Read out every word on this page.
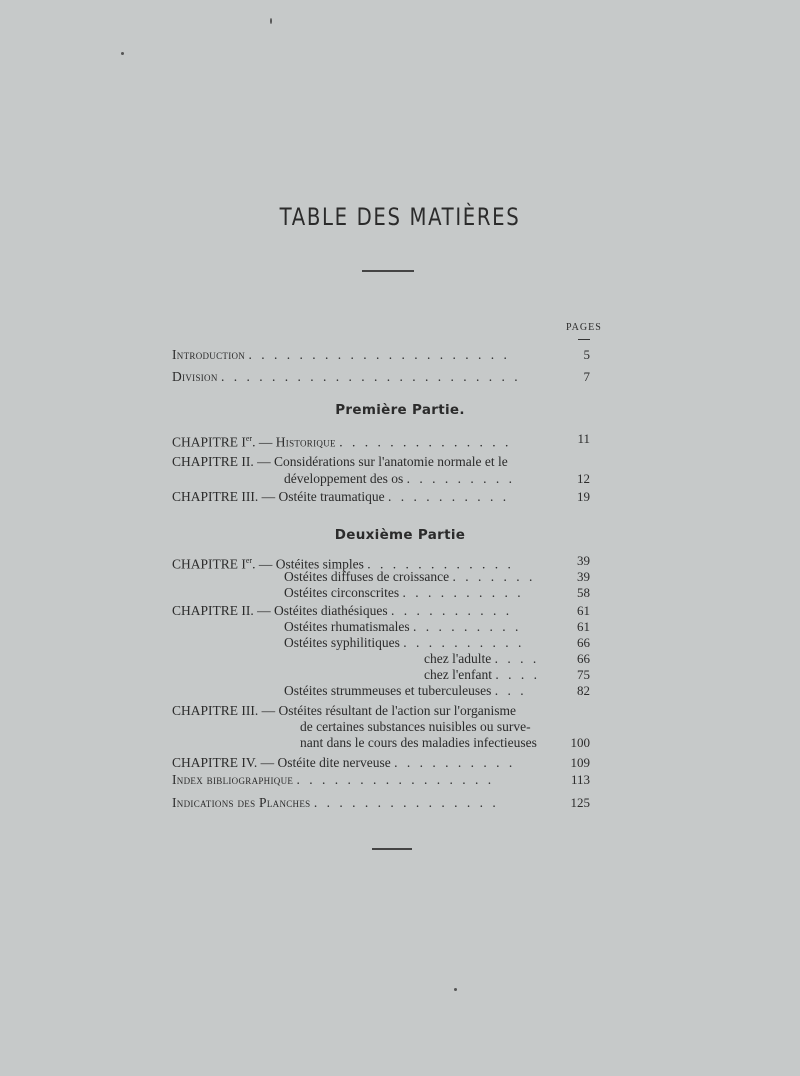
TABLE DES MATIÈRES
PAGES
Introduction . . . . . . . . . . . . . . . . . . . . .	5
Division . . . . . . . . . . . . . . . . . . . . . . . .	7
Première Partie.
CHAPITRE Ier. — Historique . . . . . . . . . . . . . .	11
CHAPITRE II. — Considérations sur l'anatomie normale et le
développement des os . . . . . . . . .	12
CHAPITRE III. — Ostéite traumatique . . . . . . . . . .	19
Deuxième Partie
CHAPITRE Ier. — Ostéites simples . . . . . . . . . . . .	39
Ostéites diffuses de croissance . . . . . . .	39
Ostéites circonscrites . . . . . . . . . .	58
CHAPITRE II. — Ostéites diathésiques . . . . . . . . . .	61
Ostéites rhumatismales . . . . . . . . .	61
Ostéites syphilitiques . . . . . . . . . .	66
chez l'adulte . . . .	66
chez l'enfant . . . .	75
Ostéites strummeuses et tuberculeuses . . .	82
CHAPITRE III. — Ostéites résultant de l'action sur l'organisme
de certaines substances nuisibles ou surve-
nant dans le cours des maladies infectieuses	100
CHAPITRE IV. — Ostéite dite nerveuse . . . . . . . . . .	109
Index bibliographique . . . . . . . . . . . . . . . .	113
Indications des Planches . . . . . . . . . . . . . . .	125
